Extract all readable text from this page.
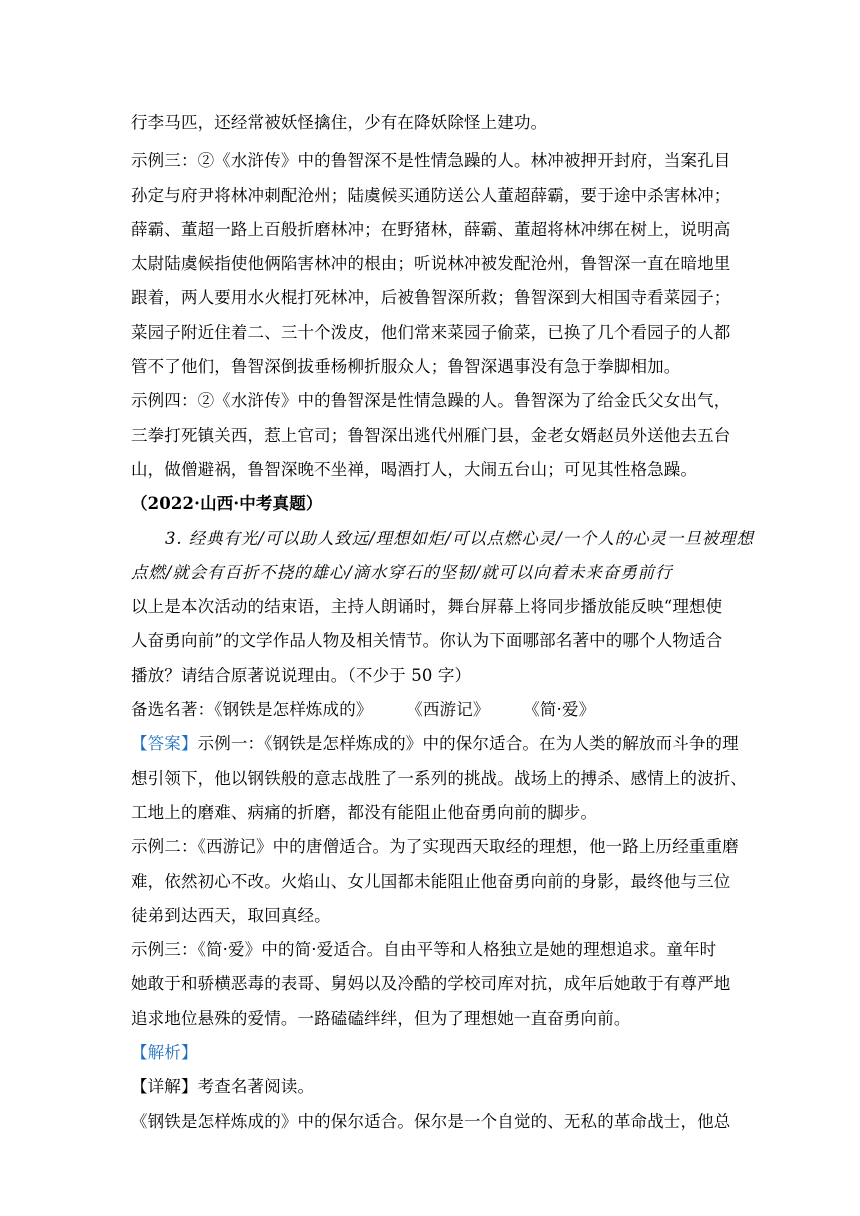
行李马匹，还经常被妖怪擒住，少有在降妖除怪上建功。
示例三：②《水浒传》中的鲁智深不是性情急躁的人。林冲被押开封府，当案孔目
孙定与府尹将林冲刺配沧州；陆虞候买通防送公人董超薛霸，要于途中杀害林冲；
薛霸、董超一路上百般折磨林冲；在野猪林，薛霸、董超将林冲绑在树上，说明高
太尉陆虞候指使他俩陷害林冲的根由；听说林冲被发配沧州，鲁智深一直在暗地里
跟着，两人要用水火棍打死林冲，后被鲁智深所救；鲁智深到大相国寺看菜园子；
菜园子附近住着二、三十个泼皮，他们常来菜园子偷菜，已换了几个看园子的人都
管不了他们，鲁智深倒拔垂杨柳折服众人；鲁智深遇事没有急于拳脚相加。
示例四：②《水浒传》中的鲁智深是性情急躁的人。鲁智深为了给金氏父女出气，
三拳打死镇关西，惹上官司；鲁智深出逃代州雁门县，金老女婿赵员外送他去五台
山，做僧避祸，鲁智深晚不坐禅，喝酒打人，大闹五台山；可见其性格急躁。
（2022·山西·中考真题）
3. 经典有光/可以助人致远/理想如炬/可以点燃心灵/一个人的心灵一旦被理想
点燃/就会有百折不挠的雄心/滴水穿石的坚韧/就可以向着未来奋勇前行
以上是本次活动的结束语，主持人朗诵时，舞台屏幕上将同步播放能反映“理想使
人奋勇向前”的文学作品人物及相关情节。你认为下面哪部名著中的哪个人物适合
播放？请结合原著说说理由。（不少于 50 字）
备选名著：《钢铁是怎样炼成的》	《西游记》	《简·爱》
【答案】示例一：《钢铁是怎样炼成的》中的保尔适合。在为人类的解放而斗争的理
想引领下，他以钢铁般的意志战胜了一系列的挑战。战场上的搏杀、感情上的波折、
工地上的磨难、病痛的折磨，都没有能阻止他奋勇向前的脚步。
示例二：《西游记》中的唐僧适合。为了实现西天取经的理想，他一路上历经重重磨
难，依然初心不改。火焰山、女儿国都未能阻止他奋勇向前的身影，最终他与三位
徒弟到达西天，取回真经。
示例三：《简·爱》中的简·爱适合。自由平等和人格独立是她的理想追求。童年时
她敢于和骄横恶毒的表哥、舅妈以及冷酷的学校司库对抗，成年后她敢于有尊严地
追求地位悬殊的爱情。一路磕磕绊绊，但为了理想她一直奋勇向前。
【解析】
【详解】考查名著阅读。
《钢铁是怎样炼成的》中的保尔适合。保尔是一个自觉的、无私的革命战士，他总
